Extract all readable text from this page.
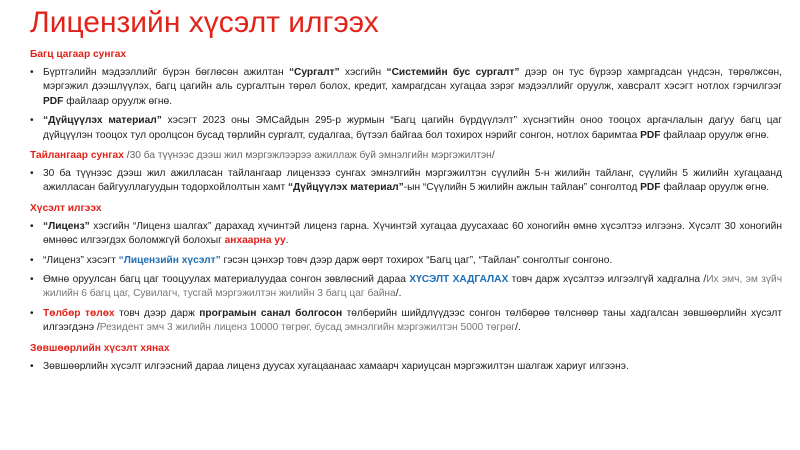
Лицензийн хүсэлт илгээх
Багц цагаар сунгах
• Бүртгэлийн мэдээллийг бүрэн бөглөсөн ажилтан “Сургалт” хэсгийн “Системийн бус сургалт” дээр он тус бүрээр хамргадсан үндсэн, төрөлжсөн, мэргэжил дээшлүүлэх, багц цагийн аль сургалтын төрөл болох, кредит, хамрагдсан хугацаа зэрэг мэдээллийг оруулж, хавсралт хэсэгт нотлох гэрчилгээг PDF файлаар оруулж өгнө.
• “Дүйцүүлэх материал” хэсэгт 2023 оны ЭМСайдын 295-р журмын “Багц цагийн бүрдүүлэлт” хүснэгтийн оноо тооцох аргачлалын дагуу багц цаг дүйцүүлэн тооцох тул оролцсон бусад төрлийн сургалт, судалгаа, бүтээл байгаа бол тохирох нэрийг сонгон, нотлох баримтаа PDF файлаар оруулж өгнө.
Тайлангаар сунгах /30 ба түүнээс дээш жил мэргэжлээрээ ажиллаж буй эмнэлгийн мэргэжилтэн/
• 30 ба түүнээс дээш жил ажилласан тайлангаар лицензээ сунгах эмнэлгийн мэргэжилтэн сүүлийн 5-н жилийн тайланг, сүүлийн 5 жилийн хугацаанд ажилласан байгууллагуудын тодорхойлолтын хамт “Дүйцүүлэх материал”-ын “Сүүлийн 5 жилийн ажлын тайлан” сонголтод PDF файлаар оруулж өгнө.
Хүсэлт илгээх
• “Лиценз” хэсгийн “Лиценз шалгах” дарахад хүчинтэй лиценз гарна. Хүчинтэй хугацаа дуусахаас 60 хоногийн өмнө хүсэлтээ илгээнэ. Хүсэлт 30 хоногийн өмнөөс илгээгдэх боломжгүй болохыг анхаарна уу.
• “Лиценз” хэсэгт “Лицензийн хүсэлт” гэсэн цэнхэр товч дээр дарж өөрт тохирох “Багц цаг”, “Тайлан” сонголтыг сонгоно.
• Өмнө оруулсан багц цаг тооцуулах материалуудаа сонгон зөвлөсний дараа ХҮСЭЛТ ХАДГАЛАХ товч дарж хүсэлтээ илгээлгүй хадгална /Их эмч, эм зүйч жилийн 6 багц цаг, Сувилагч, тусгай мэргэжилтэн жилийн 3 багц цаг байна/.
• Төлбөр төлөх товч дээр дарж програмын санал болгосон төлбөрийн шийдлүүдээс сонгон төлбөрөө төлснөөр таны хадгалсан зөвшөөрлийн хүсэлт илгээгдэнэ /Резидент эмч 3 жилийн лиценз 10000 төгрөг, бусад эмнэлгийн мэргэжилтэн 5000 төгрөг/.
Зөвшөөрлийн хүсэлт хянах
• Зөвшөөрлийн хүсэлт илгээсний дараа лиценз дуусах хугацаанаас хамаарч хариуцсан мэргэжилтэн шалгаж хариуг илгээнэ.
